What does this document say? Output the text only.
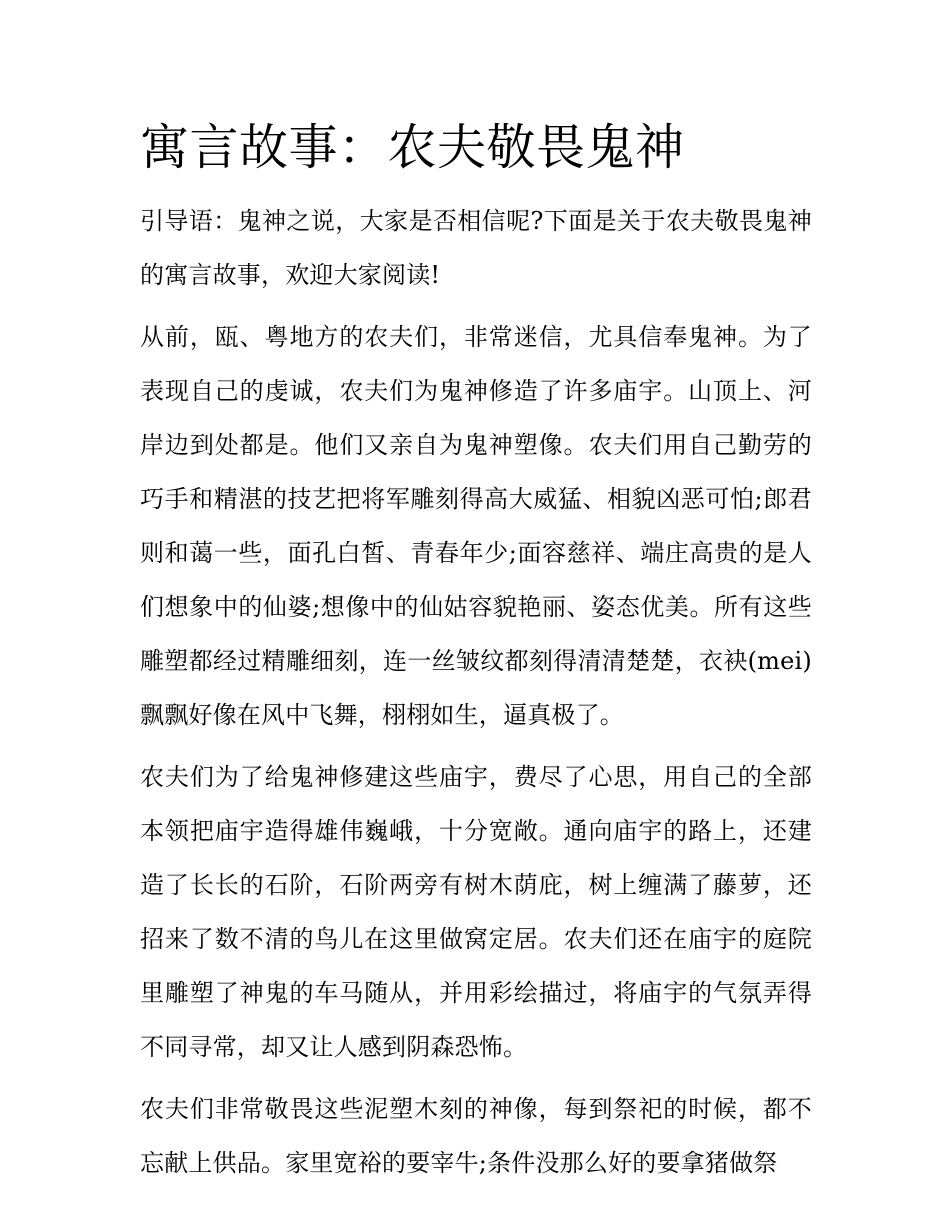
寓言故事：农夫敬畏鬼神

引导语：鬼神之说，大家是否相信呢?下面是关于农夫敬畏鬼神的寓言故事，欢迎大家阅读!

从前，瓯、粤地方的农夫们，非常迷信，尤具信奉鬼神。为了表现自己的虔诚，农夫们为鬼神修造了许多庙宇。山顶上、河岸边到处都是。他们又亲自为鬼神塑像。农夫们用自己勤劳的巧手和精湛的技艺把将军雕刻得高大威猛、相貌凶恶可怕;郎君则和蔼一些，面孔白皙、青春年少;面容慈祥、端庄高贵的是人们想象中的仙婆;想像中的仙姑容貌艳丽、姿态优美。所有这些雕塑都经过精雕细刻，连一丝皱纹都刻得清清楚楚，衣袂(mei)飘飘好像在风中飞舞，栩栩如生，逼真极了。

农夫们为了给鬼神修建这些庙宇，费尽了心思，用自己的全部本领把庙宇造得雄伟巍峨，十分宽敞。通向庙宇的路上，还建造了长长的石阶，石阶两旁有树木荫庇，树上缠满了藤萝，还招来了数不清的鸟儿在这里做窝定居。农夫们还在庙宇的庭院里雕塑了神鬼的车马随从，并用彩绘描过，将庙宇的气氛弄得不同寻常，却又让人感到阴森恐怖。

农夫们非常敬畏这些泥塑木刻的神像，每到祭祀的时候，都不忘献上供品。家里宽裕的要宰牛;条件没那么好的要拿猪做祭
